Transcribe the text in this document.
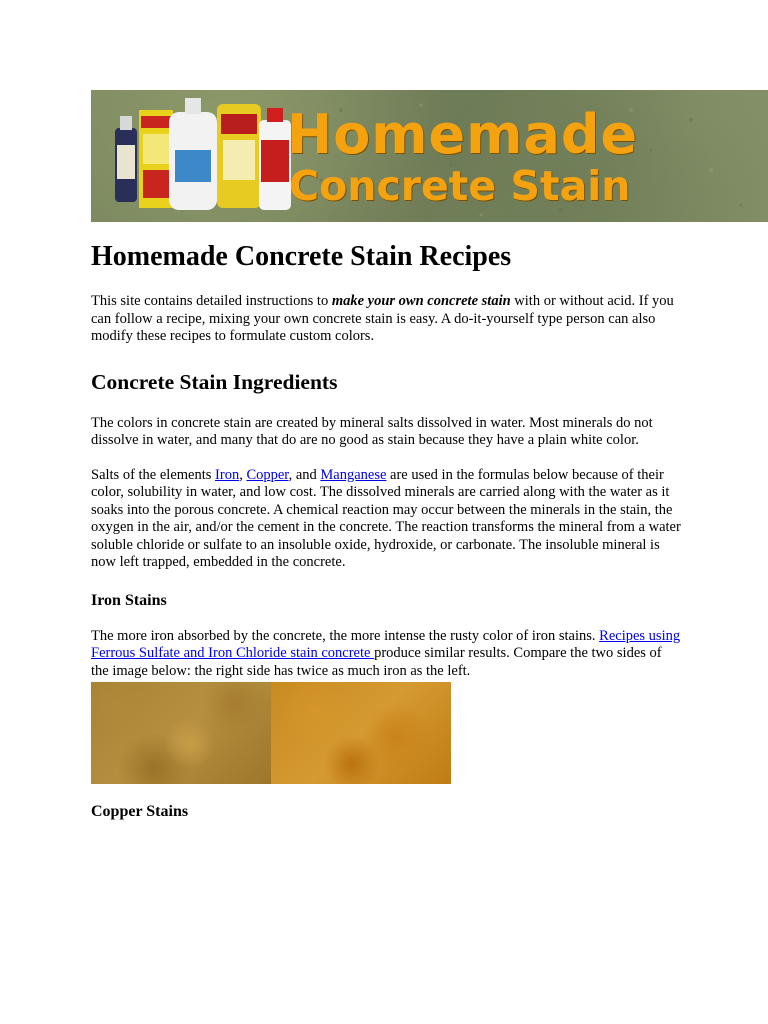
Homemade
Concrete Stain
Homemade Concrete Stain Recipes

This site contains detailed instructions to make your own concrete stain with or without acid. If you can follow a recipe, mixing your own concrete stain is easy. A do-it-yourself type person can also modify these recipes to formulate custom colors.

Concrete Stain Ingredients

The colors in concrete stain are created by mineral salts dissolved in water. Most minerals do not dissolve in water, and many that do are no good as stain because they have a plain white color.

Salts of the elements Iron, Copper, and Manganese are used in the formulas below because of their color, solubility in water, and low cost. The dissolved minerals are carried along with the water as it soaks into the porous concrete. A chemical reaction may occur between the minerals in the stain, the oxygen in the air, and/or the cement in the concrete. The reaction transforms the mineral from a water soluble chloride or sulfate to an insoluble oxide, hydroxide, or carbonate. The insoluble mineral is now left trapped, embedded in the concrete.

Iron Stains

The more iron absorbed by the concrete, the more intense the rusty color of iron stains. Recipes using Ferrous Sulfate and Iron Chloride stain concrete produce similar results. Compare the two sides of the image below: the right side has twice as much iron as the left.

Copper Stains
